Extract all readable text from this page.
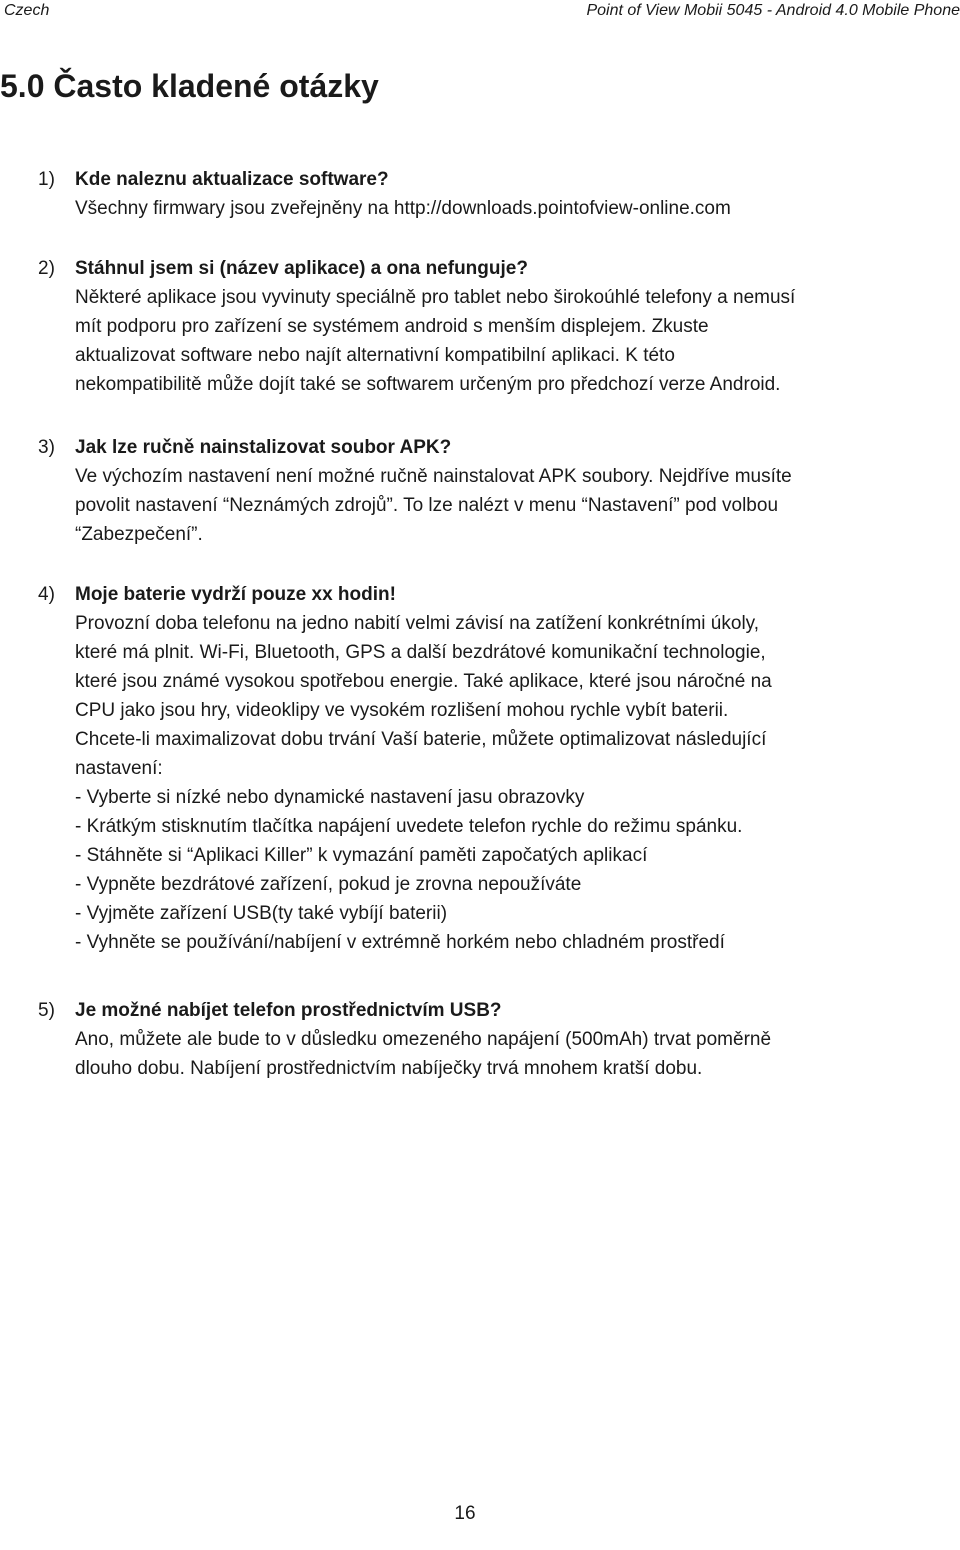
Czech	Point of View Mobii 5045 - Android 4.0 Mobile Phone
5.0 Často kladené otázky
1) Kde naleznu aktualizace software?

Všechny firmwary jsou zveřejněny na http://downloads.pointofview-online.com

2) Stáhnul jsem si (název aplikace) a ona nefunguje?

Některé aplikace jsou vyvinuty speciálně pro tablet nebo širokoúhlé telefony a nemusí

mít podporu pro zařízení se systémem android s menším displejem. Zkuste

aktualizovat software nebo najít alternativní kompatibilní aplikaci. K této

nekompatibilitě může dojít také se softwarem určeným pro předchozí verze Android.

3) Jak lze ručně nainstalizovat soubor APK?

Ve výchozím nastavení není možné ručně nainstalovat APK soubory. Nejdříve musíte

povolit nastavení “Neznámých zdrojů”. To lze nalézt v menu “Nastavení” pod volbou

“Zabezpečení”.

4) Moje baterie vydrží pouze xx hodin!

Provozní doba telefonu na jedno nabití velmi závisí na zatížení konkrétními úkoly,

které má plnit. Wi-Fi, Bluetooth, GPS a další bezdrátové komunikační technologie,

které jsou známé vysokou spotřebou energie. Také aplikace, které jsou náročné na

CPU jako jsou hry, videoklipy ve vysokém rozlišení mohou rychle vybít baterii.

Chcete-li maximalizovat dobu trvání Vaší baterie, můžete optimalizovat následující

nastavení:

- Vyberte si nízké nebo dynamické nastavení jasu obrazovky

- Krátkým stisknutím tlačítka napájení uvedete telefon rychle do režimu spánku.

- Stáhněte si “Aplikaci Killer” k vymazání paměti započatých aplikací

- Vypněte bezdrátové zařízení, pokud je zrovna nepoužíváte

- Vyjměte zařízení USB(ty také vybíjí baterii)

- Vyhněte se používání/nabíjení v extrémně horkém nebo chladném prostředí

5) Je možné nabíjet telefon prostřednictvím USB?

Ano, můžete ale bude to v důsledku omezeného napájení (500mAh) trvat poměrně

dlouho dobu. Nabíjení prostřednictvím nabíječky trvá mnohem kratší dobu.

16
